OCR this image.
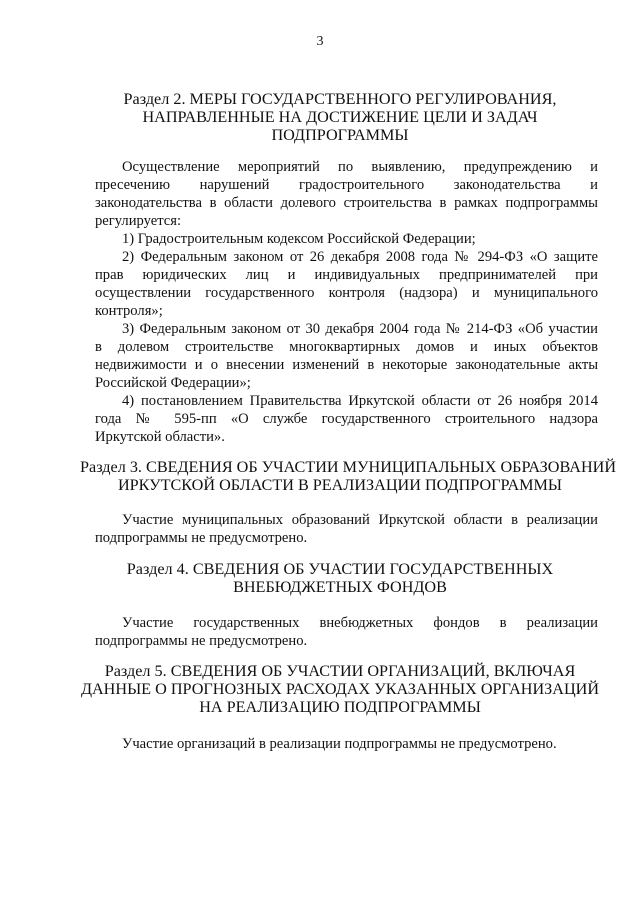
3
Раздел 2. МЕРЫ ГОСУДАРСТВЕННОГО РЕГУЛИРОВАНИЯ,
НАПРАВЛЕННЫЕ НА ДОСТИЖЕНИЕ ЦЕЛИ И ЗАДАЧ
ПОДПРОГРАММЫ
Осуществление мероприятий по выявлению, предупреждению и
пресечению нарушений градостроительного законодательства и
законодательства в области долевого строительства в рамках подпрограммы
регулируется:
1) Градостроительным кодексом Российской Федерации;
2) Федеральным законом от 26 декабря 2008 года № 294-ФЗ «О защите
прав юридических лиц и индивидуальных предпринимателей при
осуществлении государственного контроля (надзора) и муниципального
контроля»;
3) Федеральным законом от 30 декабря 2004 года № 214-ФЗ «Об участии
в долевом строительстве многоквартирных домов и иных объектов
недвижимости и о внесении изменений в некоторые законодательные акты
Российской Федерации»;
4) постановлением Правительства Иркутской области от 26 ноября 2014
года № 595-пп «О службе государственного строительного надзора
Иркутской области».
Раздел 3. СВЕДЕНИЯ ОБ УЧАСТИИ МУНИЦИПАЛЬНЫХ ОБРАЗОВАНИЙ
ИРКУТСКОЙ ОБЛАСТИ В РЕАЛИЗАЦИИ ПОДПРОГРАММЫ
Участие муниципальных образований Иркутской области в реализации
подпрограммы не предусмотрено.
Раздел 4. СВЕДЕНИЯ ОБ УЧАСТИИ ГОСУДАРСТВЕННЫХ
ВНЕБЮДЖЕТНЫХ ФОНДОВ
Участие государственных внебюджетных фондов в реализации
подпрограммы не предусмотрено.
Раздел 5. СВЕДЕНИЯ ОБ УЧАСТИИ ОРГАНИЗАЦИЙ, ВКЛЮЧАЯ
ДАННЫЕ О ПРОГНОЗНЫХ РАСХОДАХ УКАЗАННЫХ ОРГАНИЗАЦИЙ
НА РЕАЛИЗАЦИЮ ПОДПРОГРАММЫ
Участие организаций в реализации подпрограммы не предусмотрено.
